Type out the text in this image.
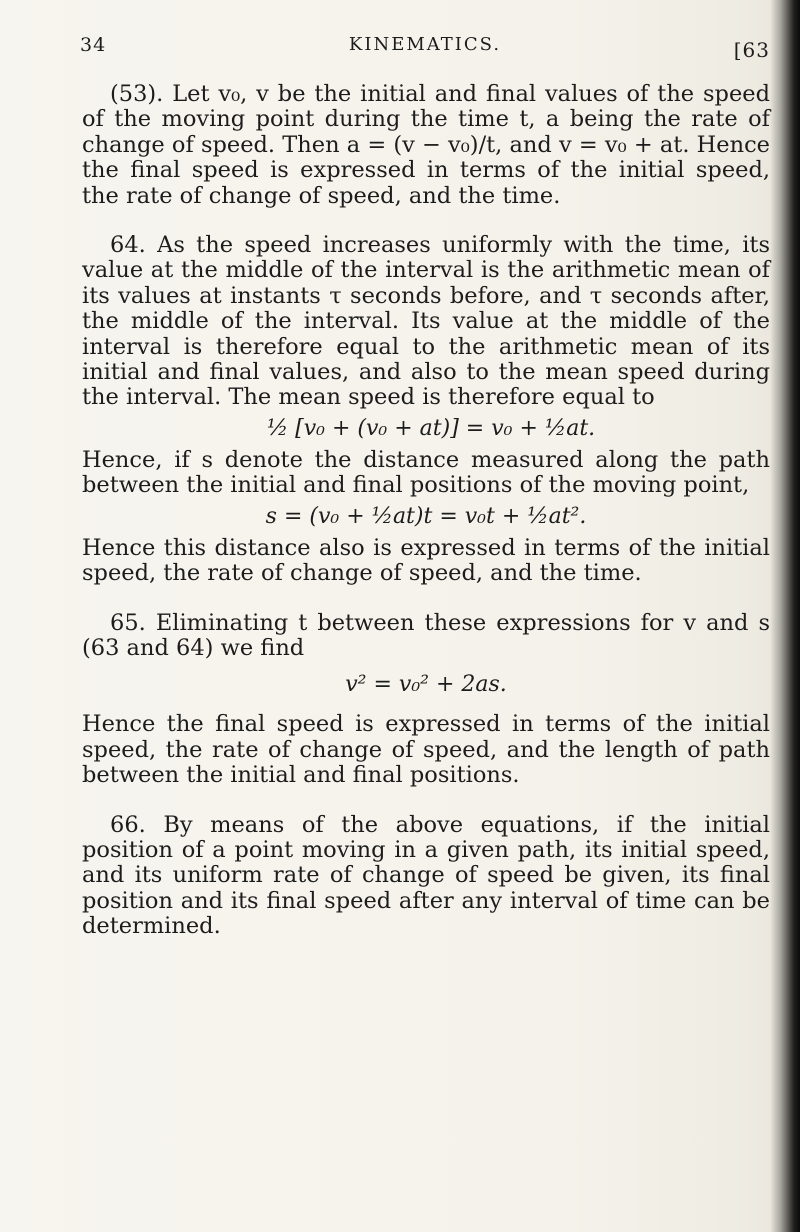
34	KINEMATICS.	[63

(53). Let v₀, v be the initial and final values of the speed of the moving point during the time t, a being the rate of change of speed. Then a = (v − v₀)/t, and v = v₀ + at. Hence the final speed is expressed in terms of the initial speed, the rate of change of speed, and the time.

64. As the speed increases uniformly with the time, its value at the middle of the interval is the arithmetic mean of its values at instants τ seconds before, and τ seconds after, the middle of the interval. Its value at the middle of the interval is therefore equal to the arithmetic mean of its initial and final values, and also to the mean speed during the interval. The mean speed is therefore equal to

½ [v₀ + (v₀ + at)] = v₀ + ½at.

Hence, if s denote the distance measured along the path between the initial and final positions of the moving point,

s = (v₀ + ½at)t = v₀t + ½at².

Hence this distance also is expressed in terms of the initial speed, the rate of change of speed, and the time.

65. Eliminating t between these expressions for v and s (63 and 64) we find

v² = v₀² + 2as.

Hence the final speed is expressed in terms of the initial speed, the rate of change of speed, and the length of path between the initial and final positions.

66. By means of the above equations, if the initial position of a point moving in a given path, its initial speed, and its uniform rate of change of speed be given, its final position and its final speed after any interval of time can be determined.
